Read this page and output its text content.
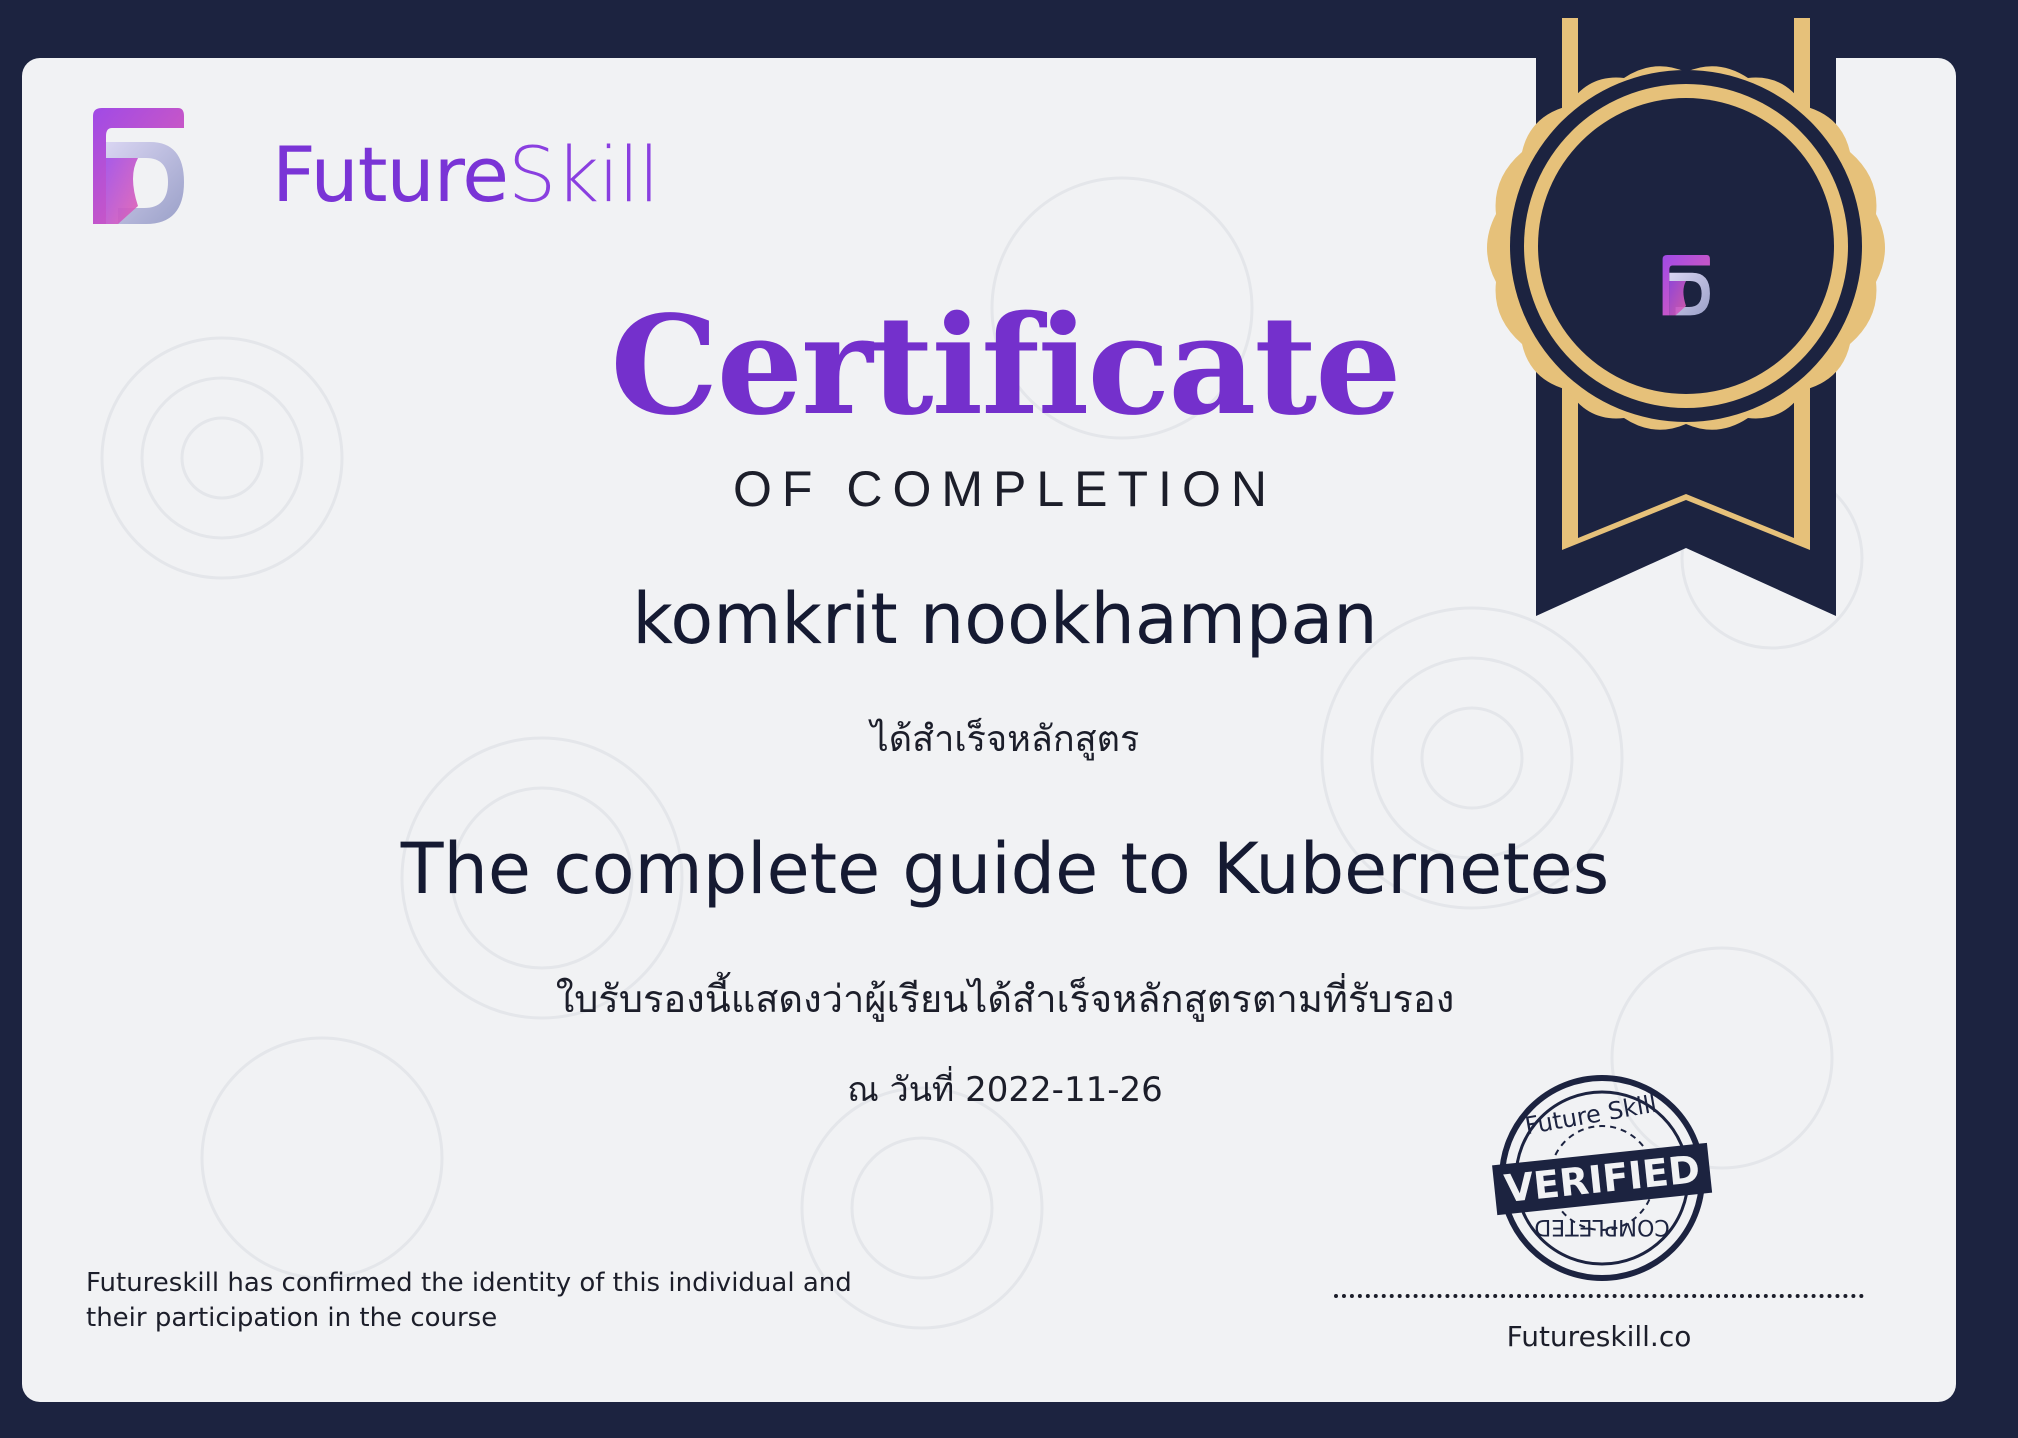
FutureSkill
Certificate
OF COMPLETION
komkrit nookhampan
ได้สำเร็จหลักสูตร
The complete guide to Kubernetes
ใบรับรองนี้แสดงว่าผู้เรียนได้สำเร็จหลักสูตรตามที่รับรอง
ณ วันที่ 2022-11-26
Futureskill has confirmed the identity of this individual and their participation in the course
Futureskill.co
VERIFIED
Future Skill
COMPLETED
